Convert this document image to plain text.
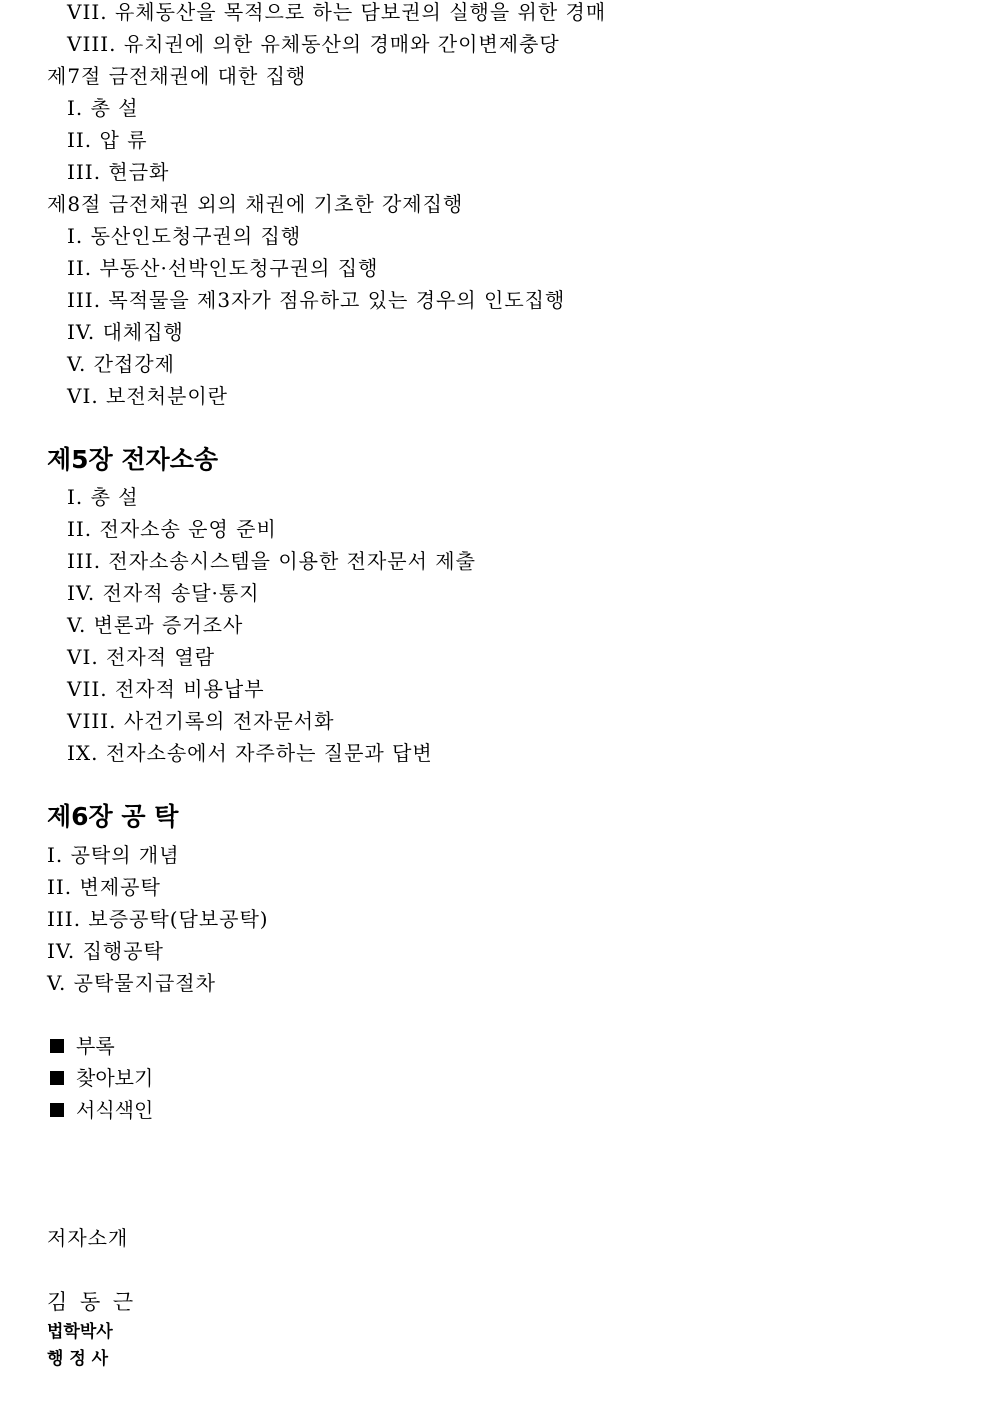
VII. 유체동산을 목적으로 하는 담보권의 실행을 위한 경매
VIII. 유치권에 의한 유체동산의 경매와 간이변제충당
제7절 금전채권에 대한 집행
I. 총 설
II. 압 류
III. 현금화
제8절 금전채권 외의 채권에 기초한 강제집행
I. 동산인도청구권의 집행
II. 부동산·선박인도청구권의 집행
III. 목적물을 제3자가 점유하고 있는 경우의 인도집행
IV. 대체집행
V. 간접강제
VI. 보전처분이란
제5장 전자소송
I. 총 설
II. 전자소송 운영 준비
III. 전자소송시스템을 이용한 전자문서 제출
IV. 전자적 송달·통지
V. 변론과 증거조사
VI. 전자적 열람
VII. 전자적 비용납부
VIII. 사건기록의 전자문서화
IX. 전자소송에서 자주하는 질문과 답변
제6장 공 탁
I. 공탁의 개념
II. 변제공탁
III. 보증공탁(담보공탁)
IV. 집행공탁
V. 공탁물지급절차
부록
찾아보기
서식색인
저자소개
김 동 근
법학박사
행 정 사
